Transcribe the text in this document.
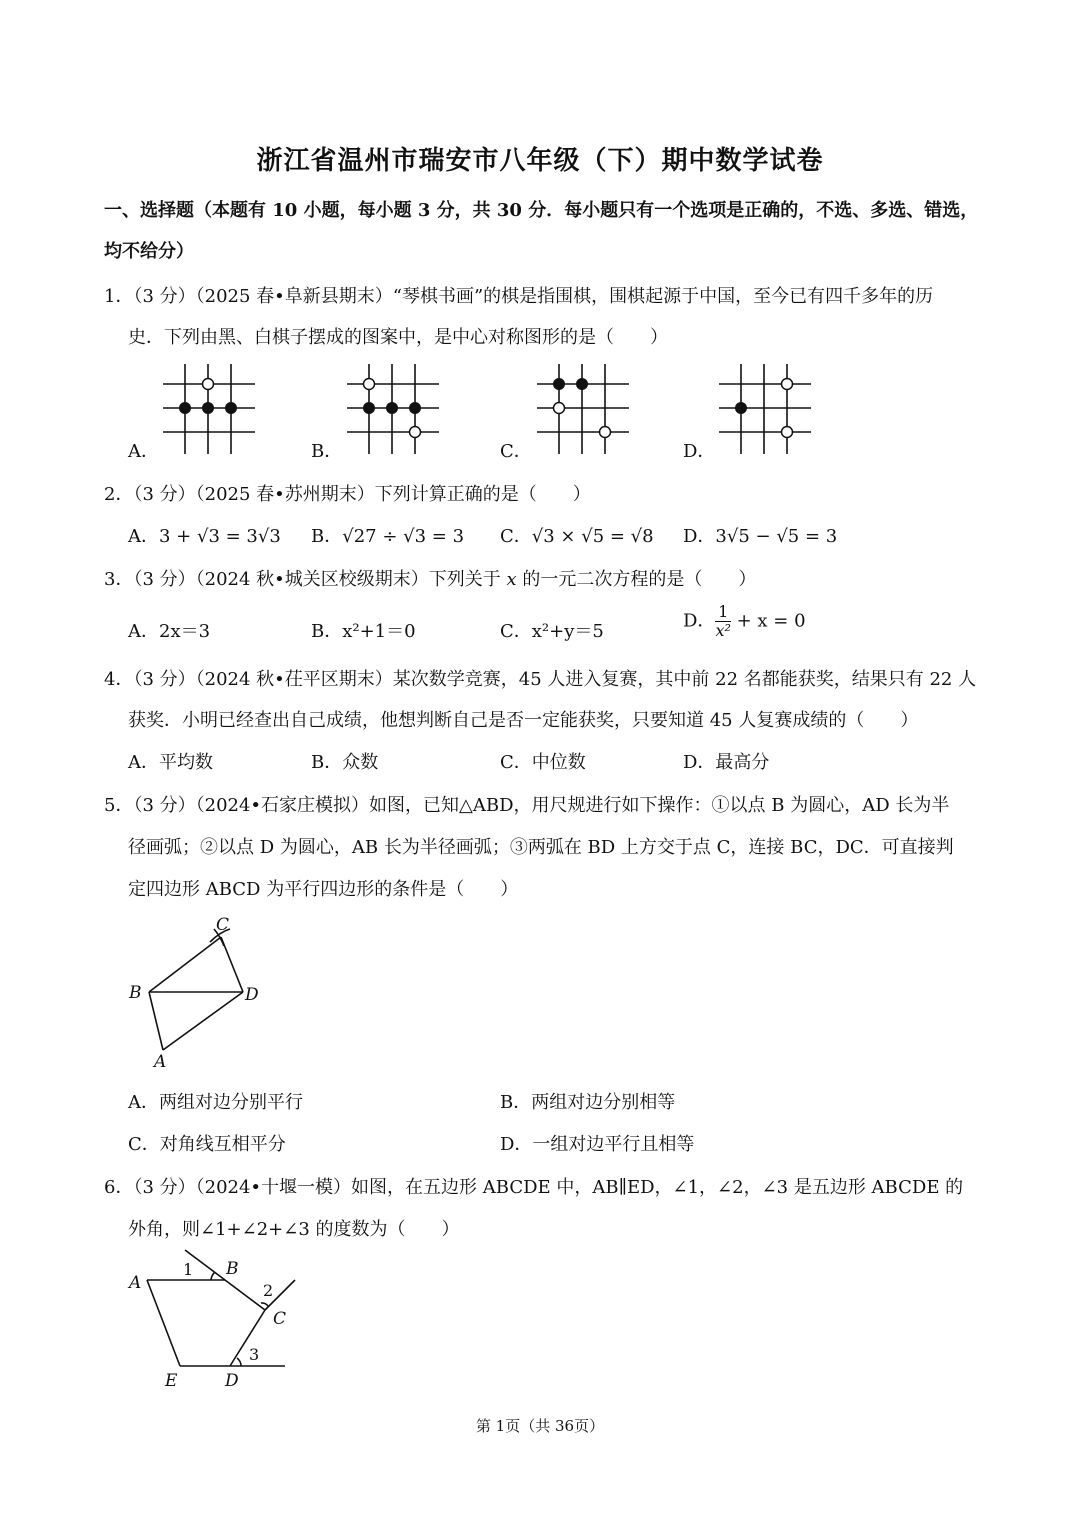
浙江省温州市瑞安市八年级（下）期中数学试卷
一、选择题（本题有 10 小题，每小题 3 分，共 30 分．每小题只有一个选项是正确的，不选、多选、错选，
均不给分）
1．（3 分）（2025 春•阜新县期末）“琴棋书画”的棋是指围棋，围棋起源于中国，至今已有四千多年的历
史．下列由黑、白棋子摆成的图案中，是中心对称图形的是（　　）
A．	B．	C．	D．
2．（3 分）（2025 春•苏州期末）下列计算正确的是（　　）
A．3 + √3 = 3√3 B．√27 ÷ √3 = 3 C．√3 × √5 = √8 D．3√5 − √5 = 3
3．（3 分）（2024 秋•城关区校级期末）下列关于 x 的一元二次方程的是（　　）
A．2x＝3	B．x²+1＝0	C．x²+y＝5	D． $\frac{1}{\text{x²}} + x = 0$
4．（3 分）（2024 秋•茌平区期末）某次数学竞赛，45 人进入复赛，其中前 22 名都能获奖，结果只有 22 人
获奖．小明已经查出自己成绩，他想判断自己是否一定能获奖，只要知道 45 人复赛成绩的（　　）
A．平均数	B．众数	C．中位数	D．最高分
5．（3 分）（2024•石家庄模拟）如图，已知△ABD，用尺规进行如下操作：①以点 B 为圆心，AD 长为半
径画弧；②以点 D 为圆心，AB 长为半径画弧；③两弧在 BD 上方交于点 C，连接 BC，DC．可直接判
定四边形 ABCD 为平行四边形的条件是（　　）
C
B	D
A
A．两组对边分别平行	B．两组对边分别相等
C．对角线互相平分	D．一组对边平行且相等
6．（3 分）（2024•十堰一模）如图，在五边形 ABCDE 中，AB∥ED，∠1，∠2，∠3 是五边形 ABCDE 的
外角，则∠1+∠2+∠3 的度数为（　　）
A
B
C
D
E
1
2
3
第 1页（共 36页）
